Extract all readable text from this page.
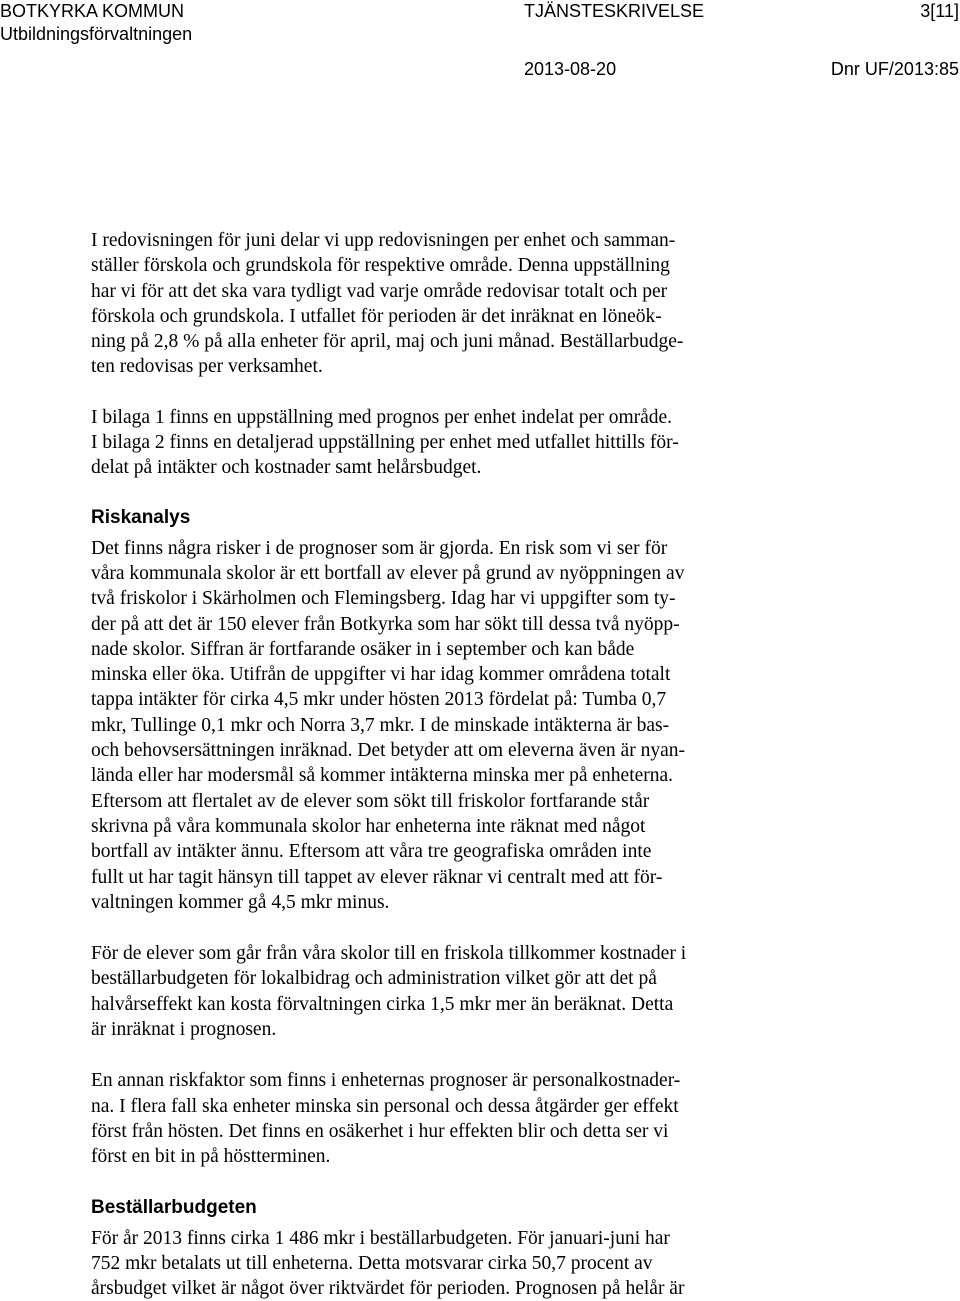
BOTKYRKA KOMMUN
Utbildningsförvaltningen
TJÄNSTESKRIVELSE	3[11]
2013-08-20	Dnr UF/2013:85

I redovisningen för juni delar vi upp redovisningen per enhet och samman-
ställer förskola och grundskola för respektive område. Denna uppställning
har vi för att det ska vara tydligt vad varje område redovisar totalt och per
förskola och grundskola. I utfallet för perioden är det inräknat en löneök-
ning på 2,8 % på alla enheter för april, maj och juni månad. Beställarbudge-
ten redovisas per verksamhet.

I bilaga 1 finns en uppställning med prognos per enhet indelat per område.
I bilaga 2 finns en detaljerad uppställning per enhet med utfallet hittills för-
delat på intäkter och kostnader samt helårsbudget.

Riskanalys

Det finns några risker i de prognoser som är gjorda. En risk som vi ser för
våra kommunala skolor är ett bortfall av elever på grund av nyöppningen av
två friskolor i Skärholmen och Flemingsberg. Idag har vi uppgifter som ty-
der på att det är 150 elever från Botkyrka som har sökt till dessa två nyöpp-
nade skolor. Siffran är fortfarande osäker in i september och kan både
minska eller öka. Utifrån de uppgifter vi har idag kommer områdena totalt
tappa intäkter för cirka 4,5 mkr under hösten 2013 fördelat på: Tumba 0,7
mkr, Tullinge 0,1 mkr och Norra 3,7 mkr. I de minskade intäkterna är bas-
och behovsersättningen inräknad. Det betyder att om eleverna även är nyan-
lända eller har modersmål så kommer intäkterna minska mer på enheterna.
Eftersom att flertalet av de elever som sökt till friskolor fortfarande står
skrivna på våra kommunala skolor har enheterna inte räknat med något
bortfall av intäkter ännu. Eftersom att våra tre geografiska områden inte
fullt ut har tagit hänsyn till tappet av elever räknar vi centralt med att för-
valtningen kommer gå 4,5 mkr minus.

För de elever som går från våra skolor till en friskola tillkommer kostnader i
beställarbudgeten för lokalbidrag och administration vilket gör att det på
halvårseffekt kan kosta förvaltningen cirka 1,5 mkr mer än beräknat. Detta
är inräknat i prognosen.

En annan riskfaktor som finns i enheternas prognoser är personalkostnader-
na. I flera fall ska enheter minska sin personal och dessa åtgärder ger effekt
först från hösten. Det finns en osäkerhet i hur effekten blir och detta ser vi
först en bit in på höstterminen.

Beställarbudgeten

För år 2013 finns cirka 1 486 mkr i beställarbudgeten. För januari-juni har
752 mkr betalats ut till enheterna. Detta motsvarar cirka 50,7 procent av
årsbudget vilket är något över riktvärdet för perioden. Prognosen på helår är
